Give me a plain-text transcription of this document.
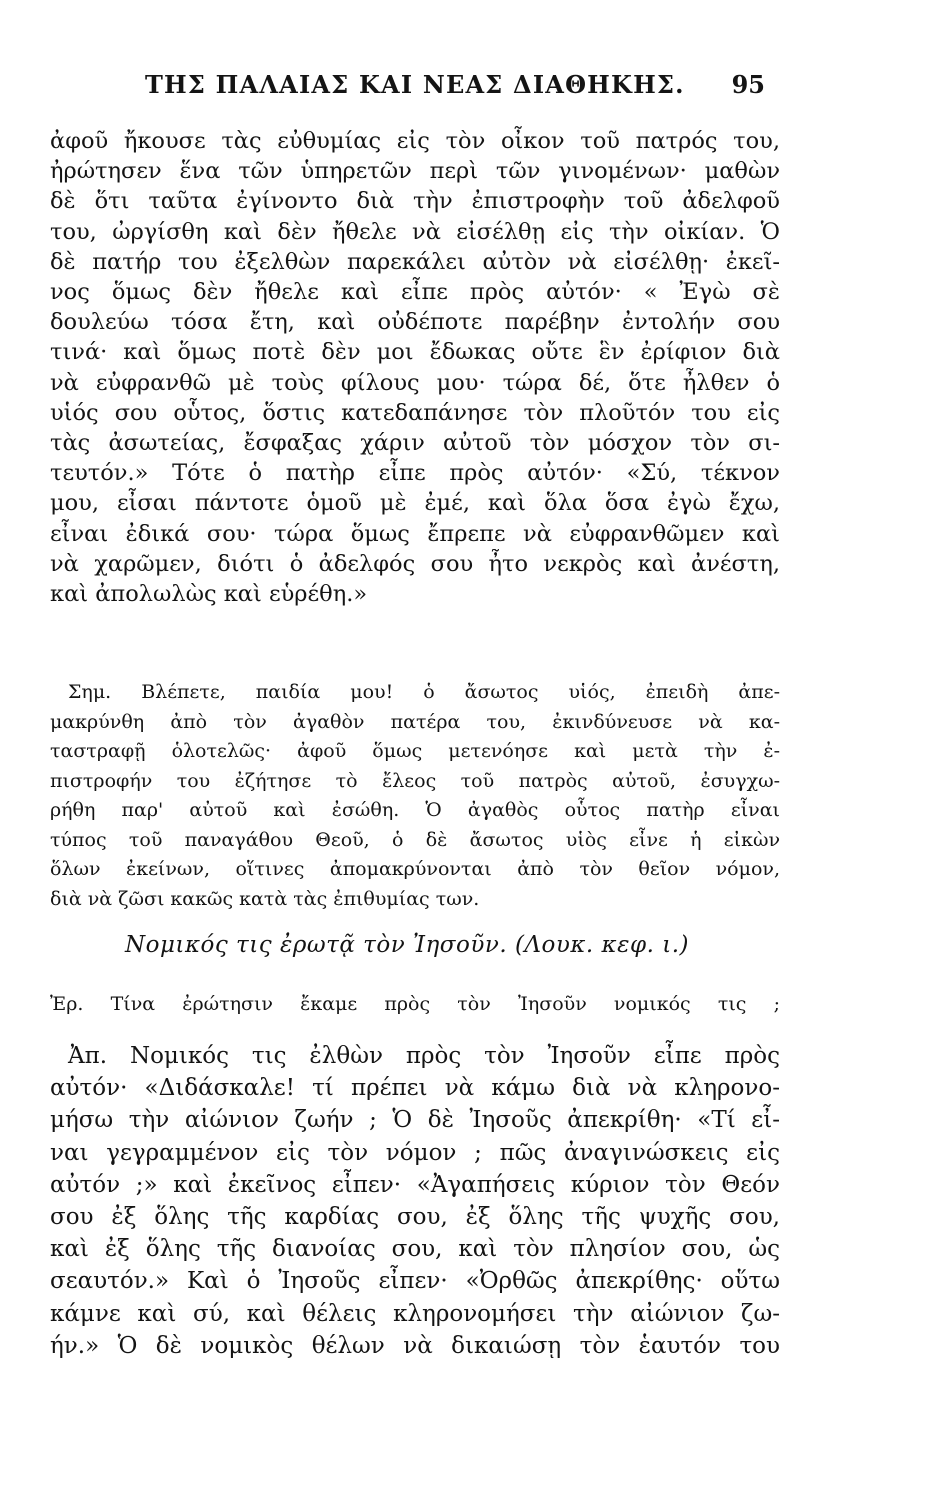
ΤΗΣ ΠΑΛΑΙΑΣ ΚΑΙ ΝΕΑΣ ΔΙΑΘΗΚΗΣ. 95
ἀφοῦ ἤκουσε τὰς εὐθυμίας εἰς τὸν οἶκον τοῦ πατρός του,
ἠρώτησεν ἕνα τῶν ὑπηρετῶν περὶ τῶν γινομένων· μαθὼν
δὲ ὅτι ταῦτα ἐγίνοντο διὰ τὴν ἐπιστροφὴν τοῦ ἀδελφοῦ
του, ὠργίσθη καὶ δὲν ἤθελε νὰ εἰσέλθῃ εἰς τὴν οἰκίαν. Ὁ
δὲ πατήρ του ἐξελθὼν παρεκάλει αὐτὸν νὰ εἰσέλθῃ· ἐκεῖ-
νος ὅμως δὲν ἤθελε καὶ εἶπε πρὸς αὐτόν· « Ἐγὼ σὲ
δουλεύω τόσα ἔτη, καὶ οὐδέποτε παρέβην ἐντολήν σου
τινά· καὶ ὅμως ποτὲ δὲν μοι ἔδωκας οὔτε ἓν ἐρίφιον διὰ
νὰ εὐφρανθῶ μὲ τοὺς φίλους μου· τώρα δέ, ὅτε ἦλθεν ὁ
υἱός σου οὗτος, ὅστις κατεδαπάνησε τὸν πλοῦτόν του εἰς
τὰς ἀσωτείας, ἔσφαξας χάριν αὐτοῦ τὸν μόσχον τὸν σι-
τευτόν.» Τότε ὁ πατὴρ εἶπε πρὸς αὐτόν· «Σύ, τέκνον
μου, εἶσαι πάντοτε ὁμοῦ μὲ ἐμέ, καὶ ὅλα ὅσα ἐγὼ ἔχω,
εἶναι ἐδικά σου· τώρα ὅμως ἔπρεπε νὰ εὐφρανθῶμεν καὶ
νὰ χαρῶμεν, διότι ὁ ἀδελφός σου ἦτο νεκρὸς καὶ ἀνέστη,
καὶ ἀπολωλὼς καὶ εὑρέθη.»
Σημ. Βλέπετε, παιδία μου! ὁ ἄσωτος υἱός, ἐπειδὴ ἀπε-
μακρύνθη ἀπὸ τὸν ἀγαθὸν πατέρα του, ἐκινδύνευσε νὰ κα-
ταστραφῇ ὁλοτελῶς· ἀφοῦ ὅμως μετενόησε καὶ μετὰ τὴν ἐ-
πιστροφήν του ἐζήτησε τὸ ἔλεος τοῦ πατρὸς αὐτοῦ, ἐσυγχω-
ρήθη παρ' αὐτοῦ καὶ ἐσώθη. Ὁ ἀγαθὸς οὗτος πατὴρ εἶναι
τύπος τοῦ παναγάθου Θεοῦ, ὁ δὲ ἄσωτος υἱὸς εἶνε ἡ εἰκὼν
ὅλων ἐκείνων, οἵτινες ἀπομακρύνονται ἀπὸ τὸν θεῖον νόμον,
διὰ νὰ ζῶσι κακῶς κατὰ τὰς ἐπιθυμίας των.
Νομικός τις ἐρωτᾷ τὸν Ἰησοῦν. (Λουκ. κεφ. ι.)
Ἐρ. Τίνα ἐρώτησιν ἔκαμε πρὸς τὸν Ἰησοῦν νομικός τις ;
Ἀπ. Νομικός τις ἐλθὼν πρὸς τὸν Ἰησοῦν εἶπε πρὸς
αὐτόν· «Διδάσκαλε! τί πρέπει νὰ κάμω διὰ νὰ κληρονο-
μήσω τὴν αἰώνιον ζωήν ; Ὁ δὲ Ἰησοῦς ἀπεκρίθη· «Τί εἶ-
ναι γεγραμμένον εἰς τὸν νόμον ; πῶς ἀναγινώσκεις εἰς
αὐτόν ;» καὶ ἐκεῖνος εἶπεν· «Ἀγαπήσεις κύριον τὸν Θεόν
σου ἐξ ὅλης τῆς καρδίας σου, ἐξ ὅλης τῆς ψυχῆς σου,
καὶ ἐξ ὅλης τῆς διανοίας σου, καὶ τὸν πλησίον σου, ὡς
σεαυτόν.» Καὶ ὁ Ἰησοῦς εἶπεν· «Ὀρθῶς ἀπεκρίθης· οὕτω
κάμνε καὶ σύ, καὶ θέλεις κληρονομήσει τὴν αἰώνιον ζω-
ήν.» Ὁ δὲ νομικὸς θέλων νὰ δικαιώσῃ τὸν ἑαυτόν του
